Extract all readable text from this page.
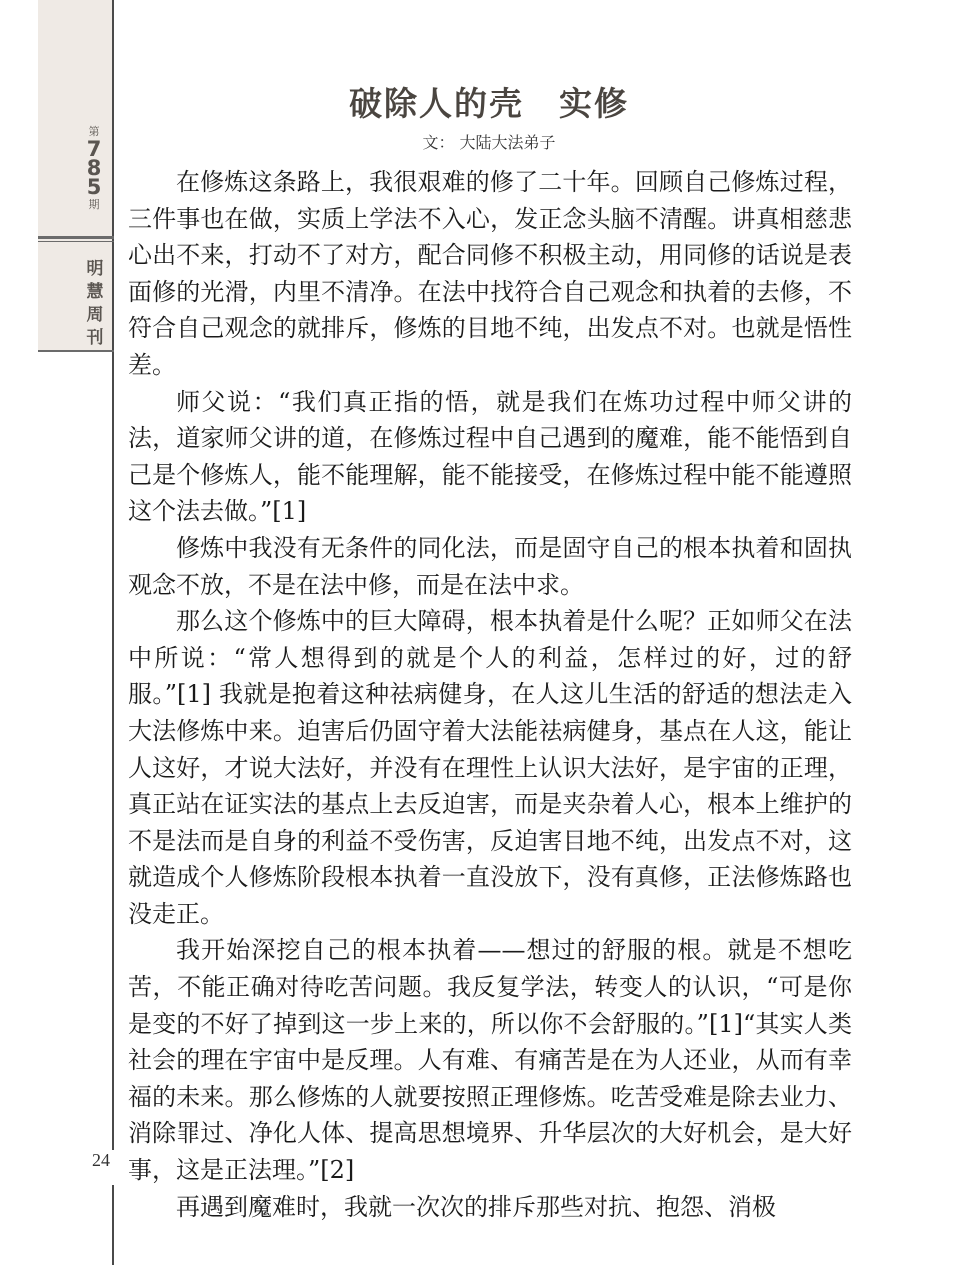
第
7
8
5
期
明
慧
周
刊
24
破除人的壳　实修
文： 大陆大法弟子

在修炼这条路上，我很艰难的修了二十年。回顾自己修炼过程，三件事也在做，实质上学法不入心，发正念头脑不清醒。讲真相慈悲心出不来，打动不了对方，配合同修不积极主动，用同修的话说是表面修的光滑，内里不清净。在法中找符合自己观念和执着的去修，不符合自己观念的就排斥，修炼的目地不纯，出发点不对。也就是悟性差。

师父说：“我们真正指的悟，就是我们在炼功过程中师父讲的法，道家师父讲的道，在修炼过程中自己遇到的魔难，能不能悟到自己是个修炼人，能不能理解，能不能接受，在修炼过程中能不能遵照这个法去做。”[1]

修炼中我没有无条件的同化法，而是固守自己的根本执着和固执观念不放，不是在法中修，而是在法中求。

那么这个修炼中的巨大障碍，根本执着是什么呢？正如师父在法中所说：“常人想得到的就是个人的利益，怎样过的好，过的舒服。”[1] 我就是抱着这种祛病健身，在人这儿生活的舒适的想法走入大法修炼中来。迫害后仍固守着大法能祛病健身，基点在人这，能让人这好，才说大法好，并没有在理性上认识大法好，是宇宙的正理，真正站在证实法的基点上去反迫害，而是夹杂着人心，根本上维护的不是法而是自身的利益不受伤害，反迫害目地不纯，出发点不对，这就造成个人修炼阶段根本执着一直没放下，没有真修，正法修炼路也没走正。

我开始深挖自己的根本执着——想过的舒服的根。就是不想吃苦，不能正确对待吃苦问题。我反复学法，转变人的认识，“可是你是变的不好了掉到这一步上来的，所以你不会舒服的。”[1]“其实人类社会的理在宇宙中是反理。人有难、有痛苦是在为人还业，从而有幸福的未来。那么修炼的人就要按照正理修炼。吃苦受难是除去业力、消除罪过、净化人体、提高思想境界、升华层次的大好机会，是大好事，这是正法理。”[2]

再遇到魔难时，我就一次次的排斥那些对抗、抱怨、消极
